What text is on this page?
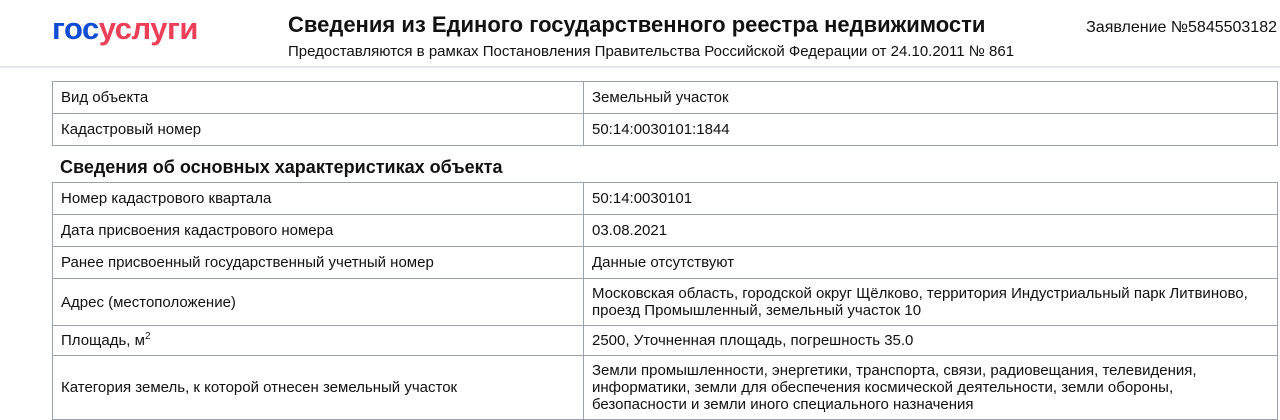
госуслуги	Сведения из Единого государственного реестра недвижимости
Предоставляются в рамках Постановления Правительства Российской Федерации от 24.10.2011 № 861
Заявление №5845503182
Вид объекта	Земельный участок
Кадастровый номер	50:14:0030101:1844
Сведения об основных характеристиках объекта
Номер кадастрового квартала	50:14:0030101
Дата присвоения кадастрового номера	03.08.2021
Ранее присвоенный государственный учетный номер	Данные отсутствуют
Адрес (местоположение)	Московская область, городской округ Щёлково, территория Индустриальный парк Литвиново, проезд Промышленный, земельный участок 10
Площадь, $м^2$	2500, Уточненная площадь, погрешность 35.0
Категория земель, к которой отнесен земельный участок	Земли промышленности, энергетики, транспорта, связи, радиовещания, телевидения, информатики, земли для обеспечения космической деятельности, земли обороны, безопасности и земли иного специального назначения
